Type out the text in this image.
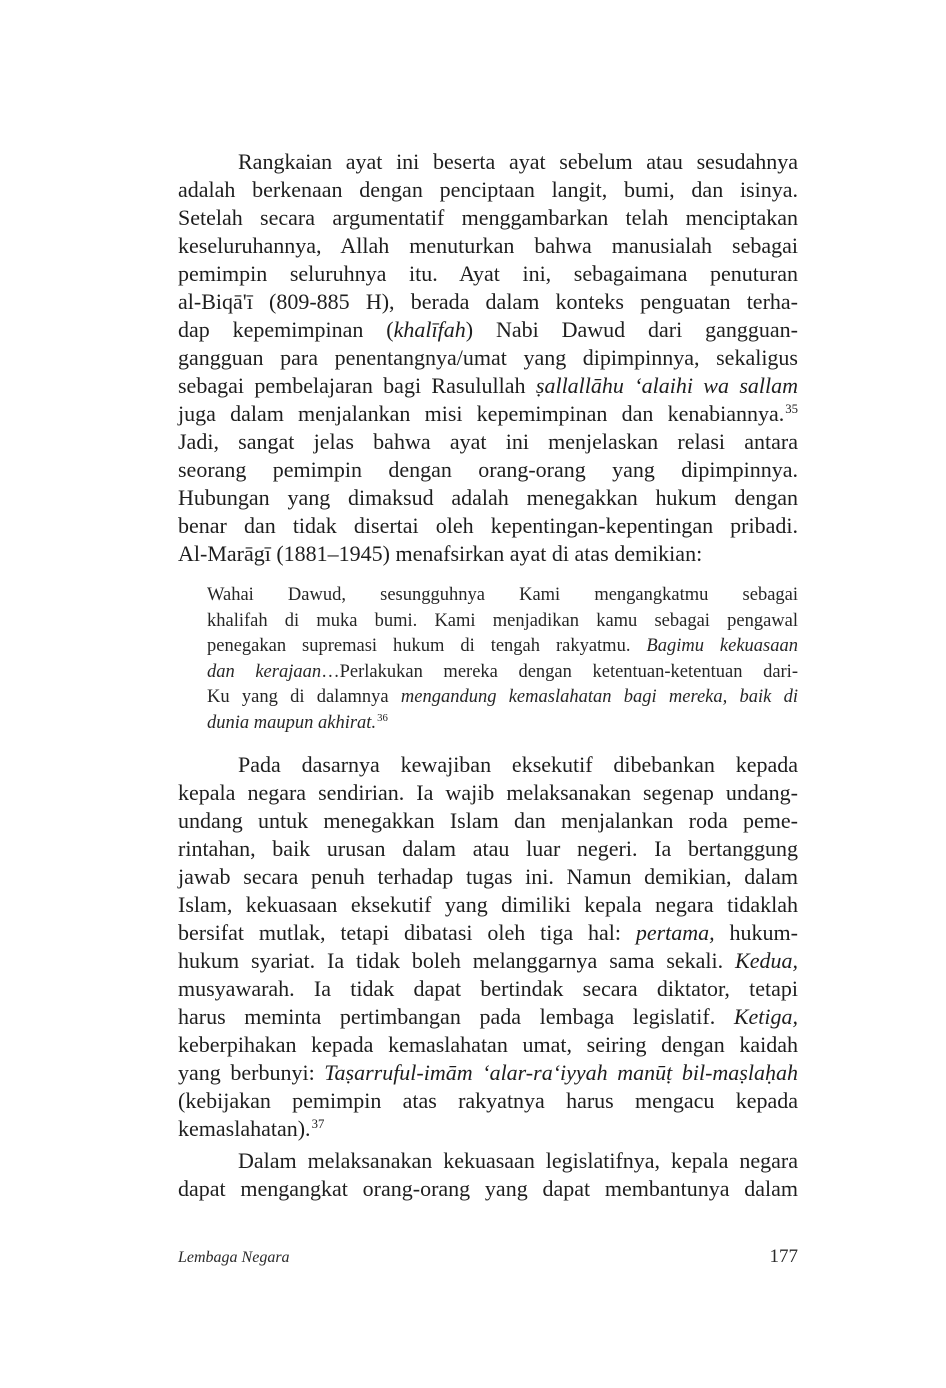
Rangkaian ayat ini beserta ayat sebelum atau sesudahnya
adalah berkenaan dengan penciptaan langit, bumi, dan isinya.
Setelah secara argumentatif menggambarkan telah menciptakan
keseluruhannya, Allah menuturkan bahwa manusialah sebagai
pemimpin seluruhnya itu. Ayat ini, sebagaimana penuturan
al-Biqā'ī (809-885 H), berada dalam konteks penguatan terha-
dap kepemimpinan (khalīfah) Nabi Dawud dari gangguan-
gangguan para penentangnya/umat yang dipimpinnya, sekaligus
sebagai pembelajaran bagi Rasulullah ṣallallāhu ‘alaihi wa sallam
juga dalam menjalankan misi kepemimpinan dan kenabiannya.$^{35}$
Jadi, sangat jelas bahwa ayat ini menjelaskan relasi antara
seorang pemimpin dengan orang-orang yang dipimpinnya.
Hubungan yang dimaksud adalah menegakkan hukum dengan
benar dan tidak disertai oleh kepentingan-kepentingan pribadi.
Al-Marāgī (1881–1945) menafsirkan ayat di atas demikian:
Wahai Dawud, sesungguhnya Kami mengangkatmu sebagai
khalifah di muka bumi. Kami menjadikan kamu sebagai pengawal
penegakan supremasi hukum di tengah rakyatmu. Bagimu kekuasaan
dan kerajaan…Perlakukan mereka dengan ketentuan-ketentuan dari-
Ku yang di dalamnya mengandung kemaslahatan bagi mereka, baik di
dunia maupun akhirat.$^{36}$
Pada dasarnya kewajiban eksekutif dibebankan kepada
kepala negara sendirian. Ia wajib melaksanakan segenap undang-
undang untuk menegakkan Islam dan menjalankan roda peme-
rintahan, baik urusan dalam atau luar negeri. Ia bertanggung
jawab secara penuh terhadap tugas ini. Namun demikian, dalam
Islam, kekuasaan eksekutif yang dimiliki kepala negara tidaklah
bersifat mutlak, tetapi dibatasi oleh tiga hal: pertama, hukum-
hukum syariat. Ia tidak boleh melanggarnya sama sekali. Kedua,
musyawarah. Ia tidak dapat bertindak secara diktator, tetapi
harus meminta pertimbangan pada lembaga legislatif. Ketiga,
keberpihakan kepada kemaslahatan umat, seiring dengan kaidah
yang berbunyi: Taṣarruful-imām ‘alar-ra‘iyyah manūṭ bil-maṣlaḥah
(kebijakan pemimpin atas rakyatnya harus mengacu kepada
kemaslahatan).$^{37}$
Dalam melaksanakan kekuasaan legislatifnya, kepala negara
dapat mengangkat orang-orang yang dapat membantunya dalam
Lembaga Negara	177
